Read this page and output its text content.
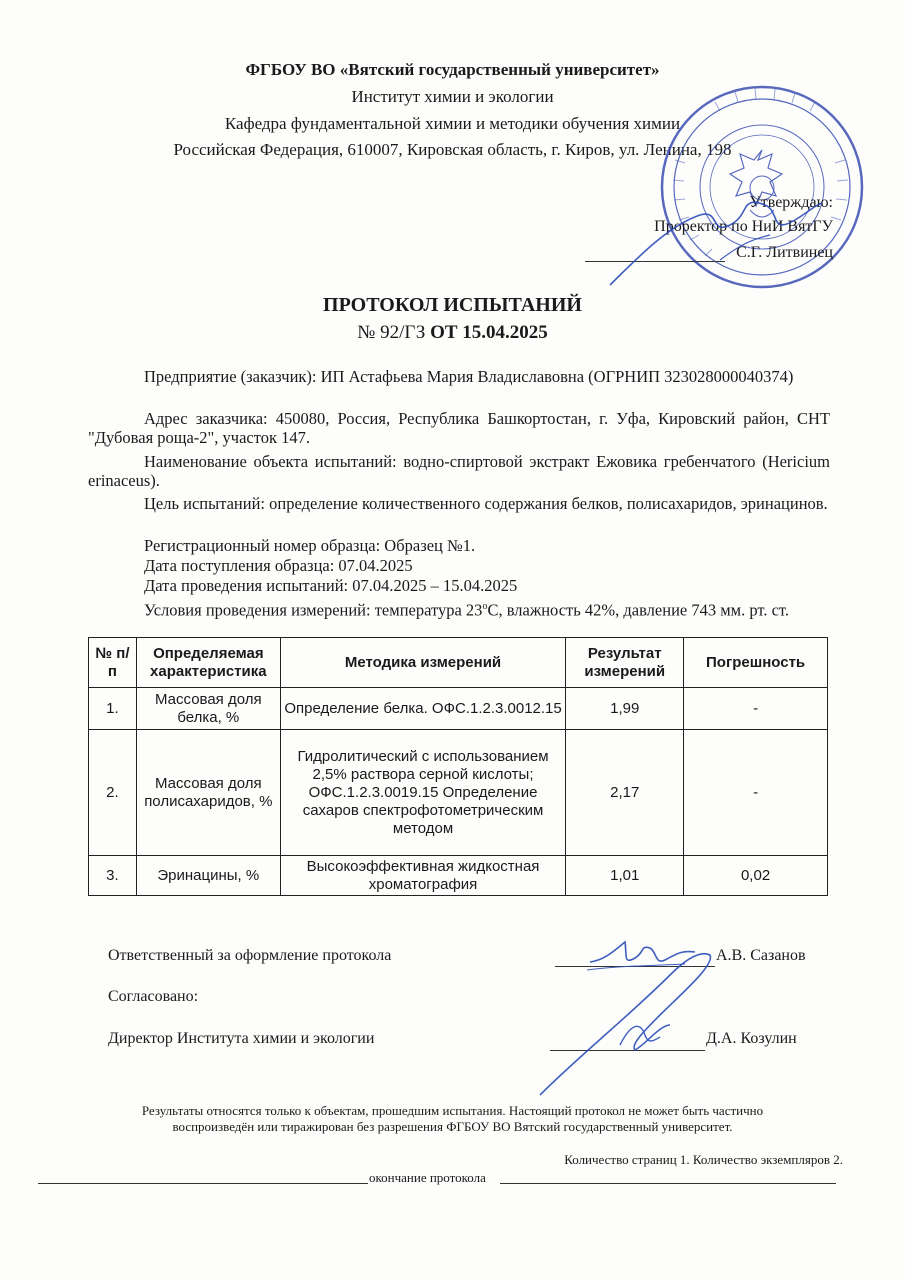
ФГБОУ ВО «Вятский государственный университет»
Институт химии и экологии
Кафедра фундаментальной химии и методики обучения химии
Российская Федерация, 610007, Кировская область, г. Киров, ул. Ленина, 198
Утверждаю:
Проректор по НиИ ВятГУ
С.Г. Литвинец
ПРОТОКОЛ ИСПЫТАНИЙ
№ 92/ГЗ ОТ 15.04.2025
Предприятие (заказчик): ИП Астафьева Мария Владиславовна (ОГРНИП 323028000040374)
Адрес заказчика: 450080, Россия, Республика Башкортостан, г. Уфа, Кировский район, СНТ "Дубовая роща-2", участок 147.
Наименование объекта испытаний: водно-спиртовой экстракт Ежовика гребенчатого (Hericium erinaceus).
Цель испытаний: определение количественного содержания белков, полисахаридов, эринацинов.
Регистрационный номер образца: Образец №1.
Дата поступления образца: 07.04.2025
Дата проведения испытаний: 07.04.2025 – 15.04.2025
Условия проведения измерений: температура $23^оС$, влажность 42%, давление 743 мм. рт. ст.
№ п/п	Определяемая характеристика	Методика измерений	Результат измерений	Погрешность
1.	Массовая доля белка, %	Определение белка. ОФС.1.2.3.0012.15	1,99	-
2.	Массовая доля полисахаридов, %	Гидролитический с использованием 2,5% раствора серной кислоты; ОФС.1.2.3.0019.15 Определение сахаров спектрофотометрическим методом	2,17	-
3.	Эринацины, %	Высокоэффективная жидкостная хроматография	1,01	0,02
Ответственный за оформление протокола	А.В. Сазанов
Согласовано:
Директор Института химии и экологии	Д.А. Козулин
Результаты относятся только к объектам, прошедшим испытания. Настоящий протокол не может быть частично
воспроизведён или тиражирован без разрешения ФГБОУ ВО Вятский государственный университет.
Количество страниц 1. Количество экземпляров 2.
окончание протокола
